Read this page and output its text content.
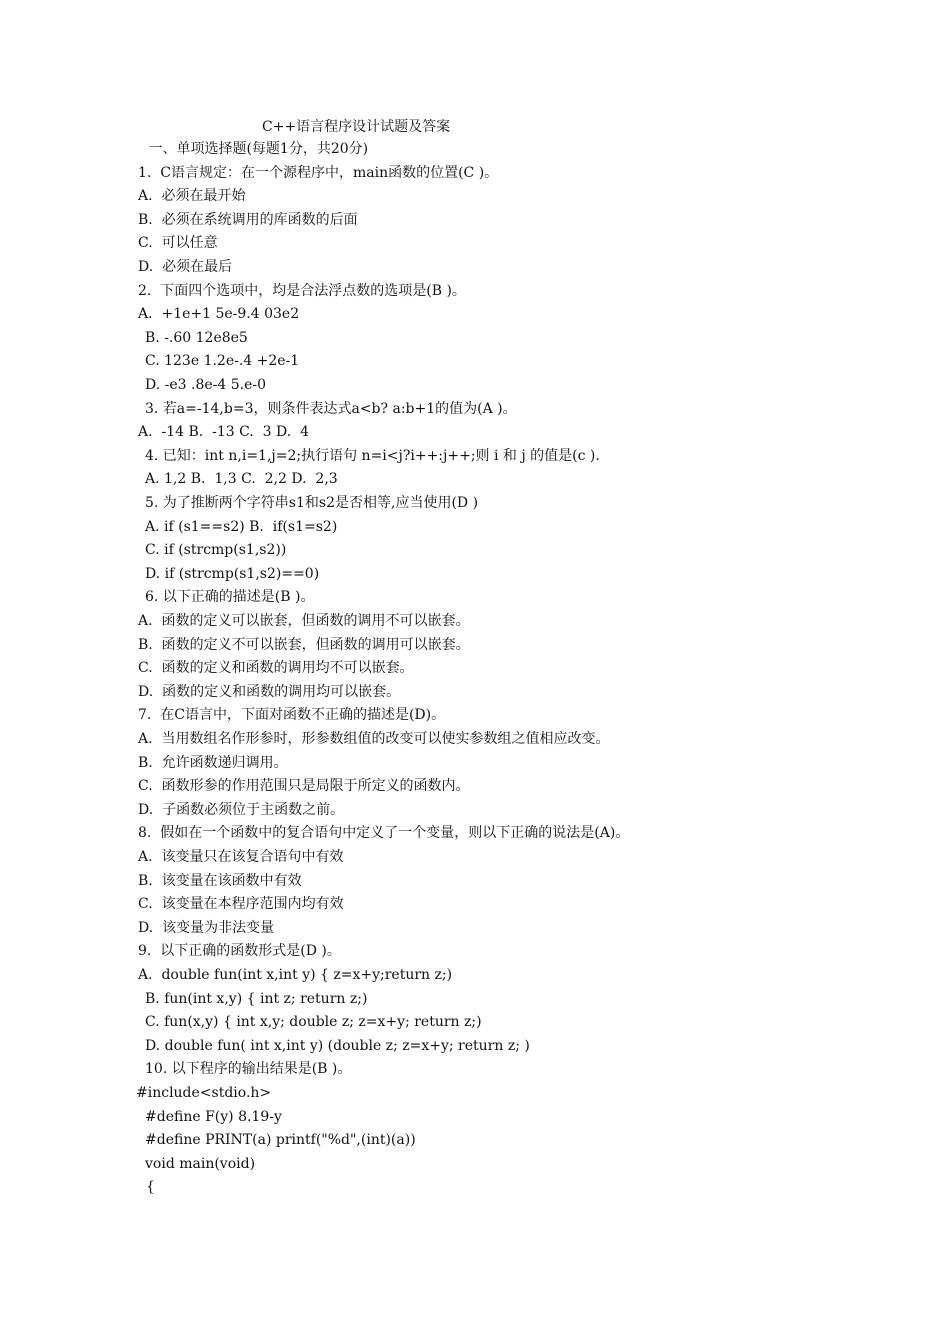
C++语言程序设计试题及答案
一、单项选择题(每题1分，共20分)
1.  C语言规定：在一个源程序中，main函数的位置(C )。
A.  必须在最开始
B.  必须在系统调用的库函数的后面
C.  可以任意
D.  必须在最后
2.  下面四个选项中，均是合法浮点数的选项是(B )。
A.  +1e+1 5e-9.4 03e2
B. -.60 12e8e5
C. 123e 1.2e-.4 +2e-1
D. -e3 .8e-4 5.e-0
3. 若a=-14,b=3，则条件表达式a<b? a:b+1的值为(A )。
A.  -14 B.  -13 C.  3 D.  4
4. 已知：int n,i=1,j=2;执行语句 n=i<j?i++:j++;则 i 和 j 的值是(c ).
A. 1,2 B.  1,3 C.  2,2 D.  2,3
5. 为了推断两个字符串s1和s2是否相等,应当使用(D )
A. if (s1==s2) B.  if(s1=s2)
C. if (strcmp(s1,s2))
D. if (strcmp(s1,s2)==0)
6. 以下正确的描述是(B )。
A.  函数的定义可以嵌套，但函数的调用不可以嵌套。
B.  函数的定义不可以嵌套，但函数的调用可以嵌套。
C.  函数的定义和函数的调用均不可以嵌套。
D.  函数的定义和函数的调用均可以嵌套。
7.  在C语言中，下面对函数不正确的描述是(D)。
A.  当用数组名作形参时，形参数组值的改变可以使实参数组之值相应改变。
B.  允许函数递归调用。
C.  函数形参的作用范围只是局限于所定义的函数内。
D.  子函数必须位于主函数之前。
8.  假如在一个函数中的复合语句中定义了一个变量，则以下正确的说法是(A)。
A.  该变量只在该复合语句中有效
B.  该变量在该函数中有效
C.  该变量在本程序范围内均有效
D.  该变量为非法变量
9.  以下正确的函数形式是(D )。
A.  double fun(int x,int y) { z=x+y;return z;)
B. fun(int x,y) { int z; return z;)
C. fun(x,y) { int x,y; double z; z=x+y; return z;)
D. double fun( int x,int y) (double z; z=x+y; return z; )
10. 以下程序的输出结果是(B )。
#include<stdio.h>
#define F(y) 8.19-y
#define PRINT(a) printf("%d",(int)(a))
void main(void)
{
